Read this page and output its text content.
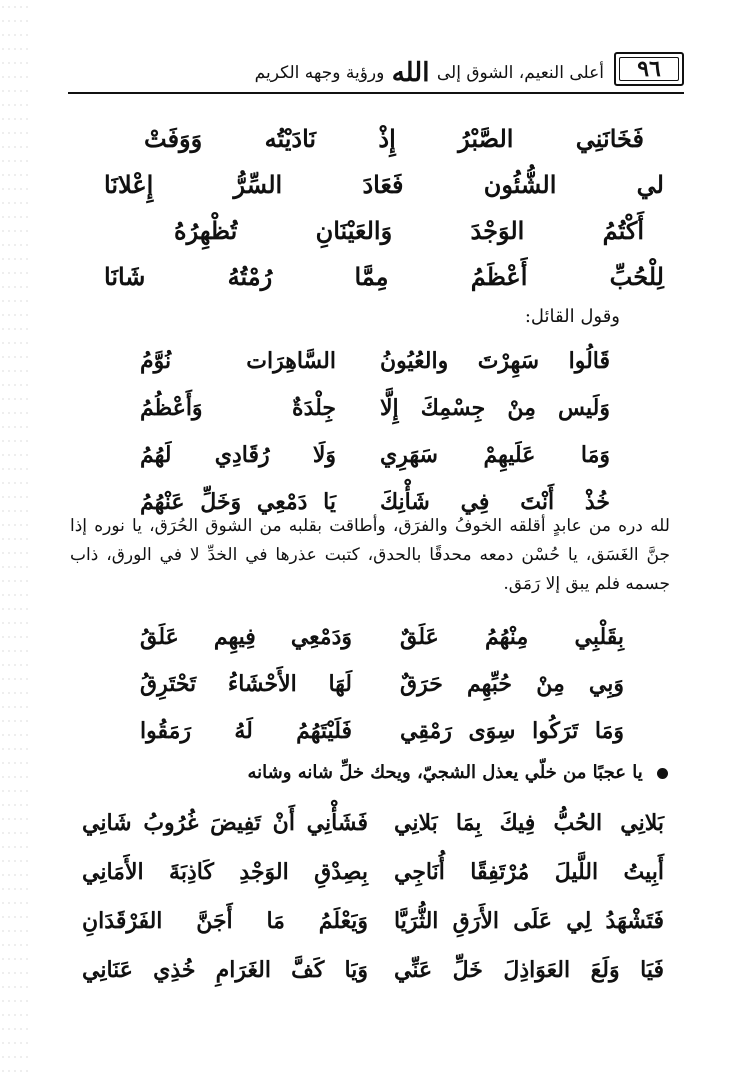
٩٦
أعلى النعيم، الشوق إلى الله ورؤية وجهه الكريم
فَخَانَنِي الصَّبْرُ إِذْ نَادَيْتُه وَوَفَتْ
لي الشُّئُون فَعَادَ السِّرُّ إِعْلانَا
أَكْتُمُ الوَجْدَ وَالعَيْنَانِ تُظْهِرُهُ
لِلْحُبِّ أَعْظَمُ مِمَّا رُمْتُهُ شَانَا
وقول القائل:
قَالُوا سَهِرْتَ والعُيُونُ
السَّاهِرَات نُوَّمُ
وَلَيس مِنْ جِسْمِكَ إِلَّا
جِلْدَةٌ وَأَعْظُمُ
وَمَا عَلَيهِمْ سَهَرِي
وَلَا رُقَادِي لَهُمُ
خُذْ أَنْتَ فِي شَأْنِكَ
يَا دَمْعِي وَخَلِّ عَنْهُمُ

لله دره من عابدٍ أقلقه الخوفُ والفرَق، وأطاقت بقلبه من الشوق الحُرَق، يا نوره إذا جنَّ الغَسَق، يا حُسْن دمعه محدقًا بالحدق، كتبت عذرها في الخدِّ لا في الورق، ذاب جسمه فلم يبق إلا رَمَق.

بِقَلْبِي مِنْهُمُ عَلَقٌ
وَدَمْعِي فِيهِم عَلَقُ
وَبِي مِنْ حُبِّهِم حَرَقٌ
لَهَا الأَحْشَاءُ تَحْتَرِقُ
وَمَا تَرَكُوا سِوَى رَمْقِي
فَلَيْتَهُمُ لَهُ رَمَقُوا
يا عجبًا من خلّي يعذل الشجيّ، ويحك خلِّ شانه وشانه
بَلانِي الحُبُّ فِيكَ بِمَا بَلانِي
فَشَأْنِي أَنْ تَفِيضَ غُرُوبُ شَانِي
أَبِيتُ اللَّيلَ مُرْتَفِقًا أُنَاجِي
بِصِدْقِ الوَجْدِ كَاذِبَةَ الأَمَانِي
فَتَشْهَدُ لِي عَلَى الأَرَقِ الثُّرَيَّا
وَيَعْلَمُ مَا أَجَنَّ الفَرْقَدَانِ
فَيَا وَلَعَ العَوَاذِلَ خَلِّ عَنِّي
وَيَا كَفَّ الغَرَامِ خُذِي عَنَانِي
